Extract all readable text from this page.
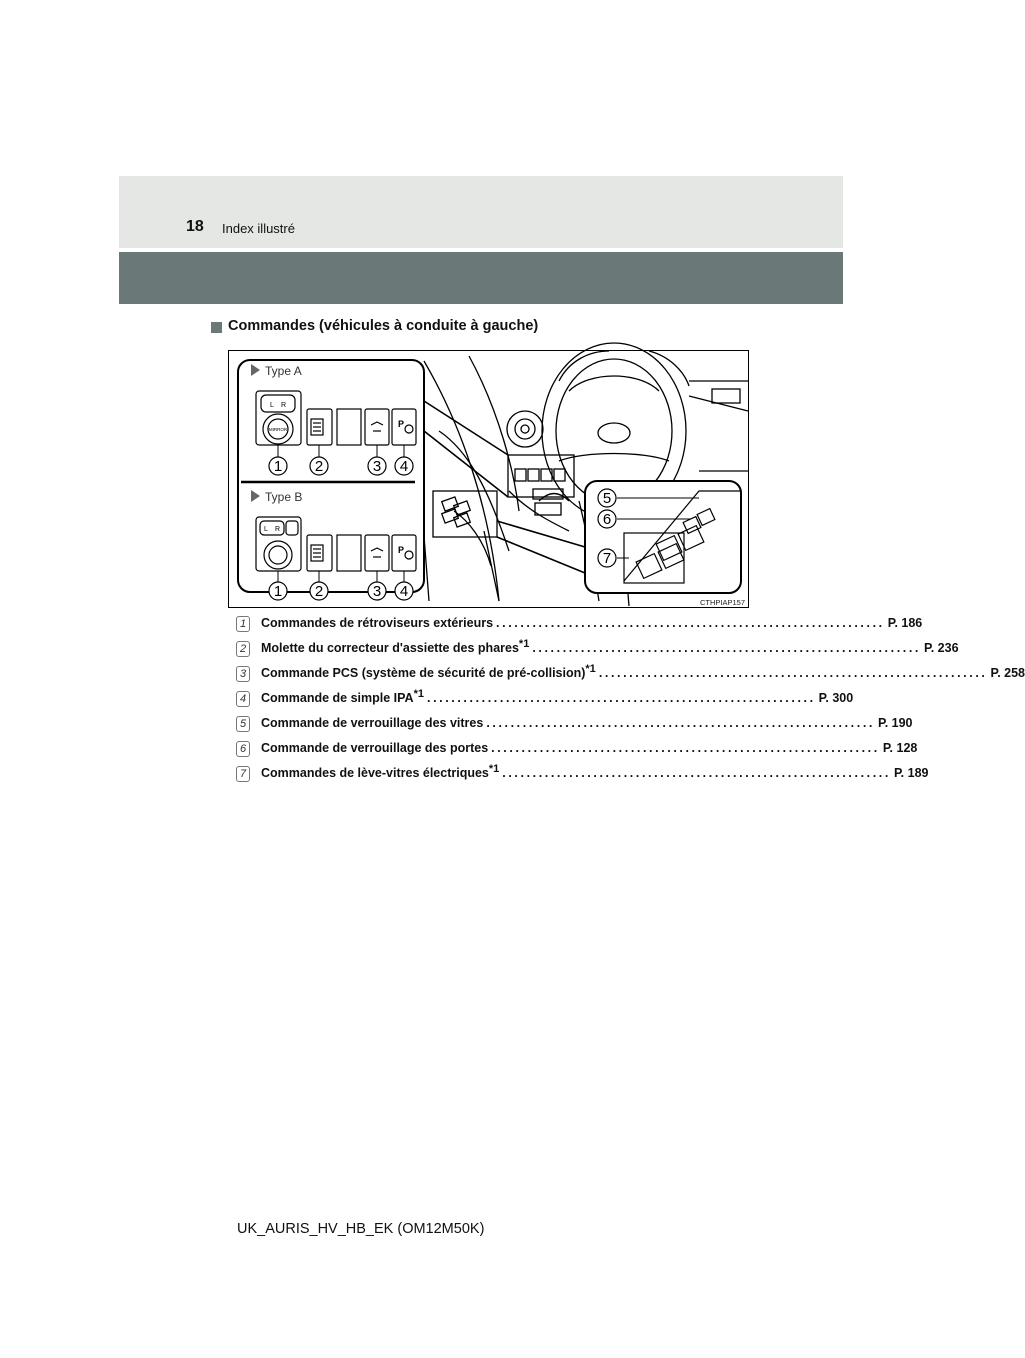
18 Index illustré
Commandes (véhicules à conduite à gauche)
Type A
L R
MIRROR
P
1 2	3 4
Type B
L R
P
1 2	3 4
5
6
7
CTHPIAP157
1	Commandes de rétroviseurs extérieurs ................................................................ P. 186
2	Molette du correcteur d'assiette des phares$^{*1}$ ................................................................ P. 236
3	Commande PCS (système de sécurité de pré-collision)$^{*1}$ ................................................................ P. 258
4	Commande de simple IPA$^{*1}$ ................................................................ P. 300
5	Commande de verrouillage des vitres ................................................................ P. 190
6	Commande de verrouillage des portes ................................................................ P. 128
7	Commandes de lève-vitres électriques$^{*1}$ ................................................................ P. 189
UK_AURIS_HV_HB_EK (OM12M50K)
